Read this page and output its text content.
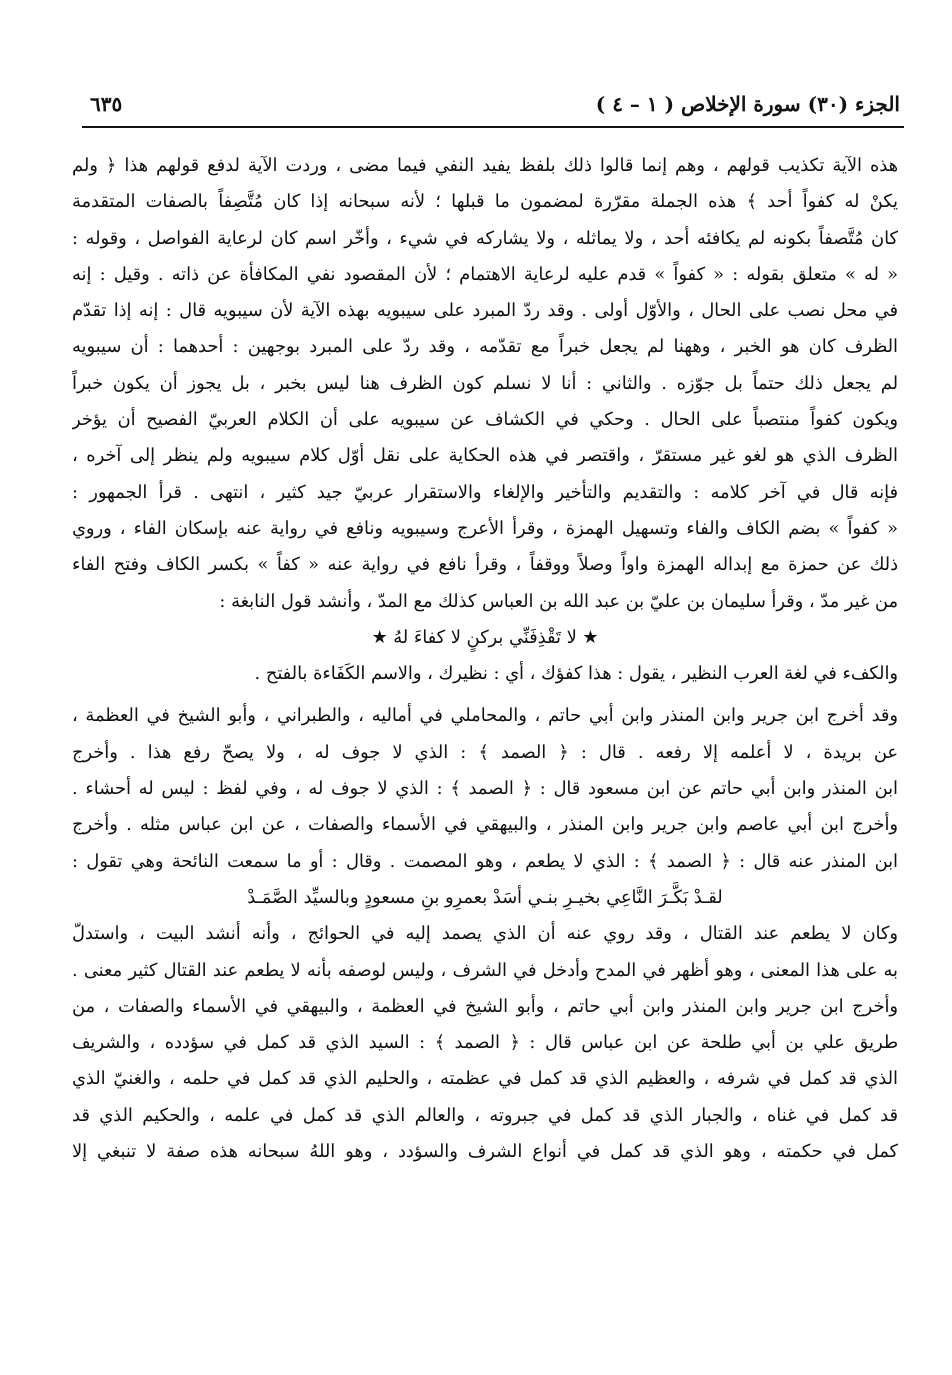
الجزء (٣٠) سورة الإخلاص ( ١ – ٤ )
٦٣٥
هذه الآية تكذيب قولهم ، وهم إنما قالوا ذلك بلفظ يفيد النفي فيما مضى ، وردت الآية لدفع قولهم هذا ﴿ ولم
يكنْ له كفواً أحد ﴾ هذه الجملة مقرّرة لمضمون ما قبلها ؛ لأنه سبحانه إذا كان مُتَّصِفاً بالصفات المتقدمة
كان مُتَّصفاً بكونه لم يكافئه أحد ، ولا يماثله ، ولا يشاركه في شيء ، وأخّر اسم كان لرعاية الفواصل ، وقوله :
« له » متعلق بقوله : « كفواً » قدم عليه لرعاية الاهتمام ؛ لأن المقصود نفي المكافأة عن ذاته . وقيل : إنه
في محل نصب على الحال ، والأوّل أولى . وقد ردّ المبرد على سيبويه بهذه الآية لأن سيبويه قال : إنه إذا تقدّم
الظرف كان هو الخبر ، وههنا لم يجعل خبراً مع تقدّمه ، وقد ردّ على المبرد بوجهين : أحدهما : أن سيبويه
لم يجعل ذلك حتماً بل جوّزه . والثاني : أنا لا نسلم كون الظرف هنا ليس بخبر ، بل يجوز أن يكون خبراً
ويكون كفواً منتصباً على الحال . وحكي في الكشاف عن سيبويه على أن الكلام العربيّ الفصيح أن يؤخر
الظرف الذي هو لغو غير مستقرّ ، واقتصر في هذه الحكاية على نقل أوّل كلام سيبويه ولم ينظر إلى آخره ،
فإنه قال في آخر كلامه : والتقديم والتأخير والإلغاء والاستقرار عربيّ جيد كثير ، انتهى . قرأ الجمهور :
« كفواً » بضم الكاف والفاء وتسهيل الهمزة ، وقرأ الأعرج وسيبويه ونافع في رواية عنه بإسكان الفاء ، وروي
ذلك عن حمزة مع إبداله الهمزة واواً وصلاً ووقفاً ، وقرأ نافع في رواية عنه « كفاً » بكسر الكاف وفتح الفاء
من غير مدّ ، وقرأ سليمان بن عليّ بن عبد الله بن العباس كذلك مع المدّ ، وأنشد قول النابغة :
★ لا تَقْذِفَنِّي بركنٍ لا كفاءَ لهُ ★
والكفء في لغة العرب النظير ، يقول : هذا كفؤك ، أي : نظيرك ، والاسم الكَفَاءة بالفتح .
وقد أخرج ابن جرير وابن المنذر وابن أبي حاتم ، والمحاملي في أماليه ، والطبراني ، وأبو الشيخ في العظمة ،
عن بريدة ، لا أعلمه إلا رفعه . قال : ﴿ الصمد ﴾ : الذي لا جوف له ، ولا يصحّ رفع هذا . وأخرج
ابن المنذر وابن أبي حاتم عن ابن مسعود قال : ﴿ الصمد ﴾ : الذي لا جوف له ، وفي لفظ : ليس له أحشاء .
وأخرج ابن أبي عاصم وابن جرير وابن المنذر ، والبيهقي في الأسماء والصفات ، عن ابن عباس مثله . وأخرج
ابن المنذر عنه قال : ﴿ الصمد ﴾ : الذي لا يطعم ، وهو المصمت . وقال : أو ما سمعت النائحة وهي تقول :
لقـدْ بَكَّـرَ النَّاعِي بخيـرِ بنـي أسَدْ بعمرِو بنِ مسعودٍ وبالسيِّد الصَّمَـدْ
وكان لا يطعم عند القتال ، وقد روي عنه أن الذي يصمد إليه في الحوائج ، وأنه أنشد البيت ، واستدلّ
به على هذا المعنى ، وهو أظهر في المدح وأدخل في الشرف ، وليس لوصفه بأنه لا يطعم عند القتال كثير معنى .
وأخرج ابن جرير وابن المنذر وابن أبي حاتم ، وأبو الشيخ في العظمة ، والبيهقي في الأسماء والصفات ، من
طريق علي بن أبي طلحة عن ابن عباس قال : ﴿ الصمد ﴾ : السيد الذي قد كمل في سؤدده ، والشريف
الذي قد كمل في شرفه ، والعظيم الذي قد كمل في عظمته ، والحليم الذي قد كمل في حلمه ، والغنيّ الذي
قد كمل في غناه ، والجبار الذي قد كمل في جبروته ، والعالم الذي قد كمل في علمه ، والحكيم الذي قد
كمل في حكمته ، وهو الذي قد كمل في أنواع الشرف والسؤدد ، وهو اللهُ سبحانه هذه صفة لا تنبغي إلا
